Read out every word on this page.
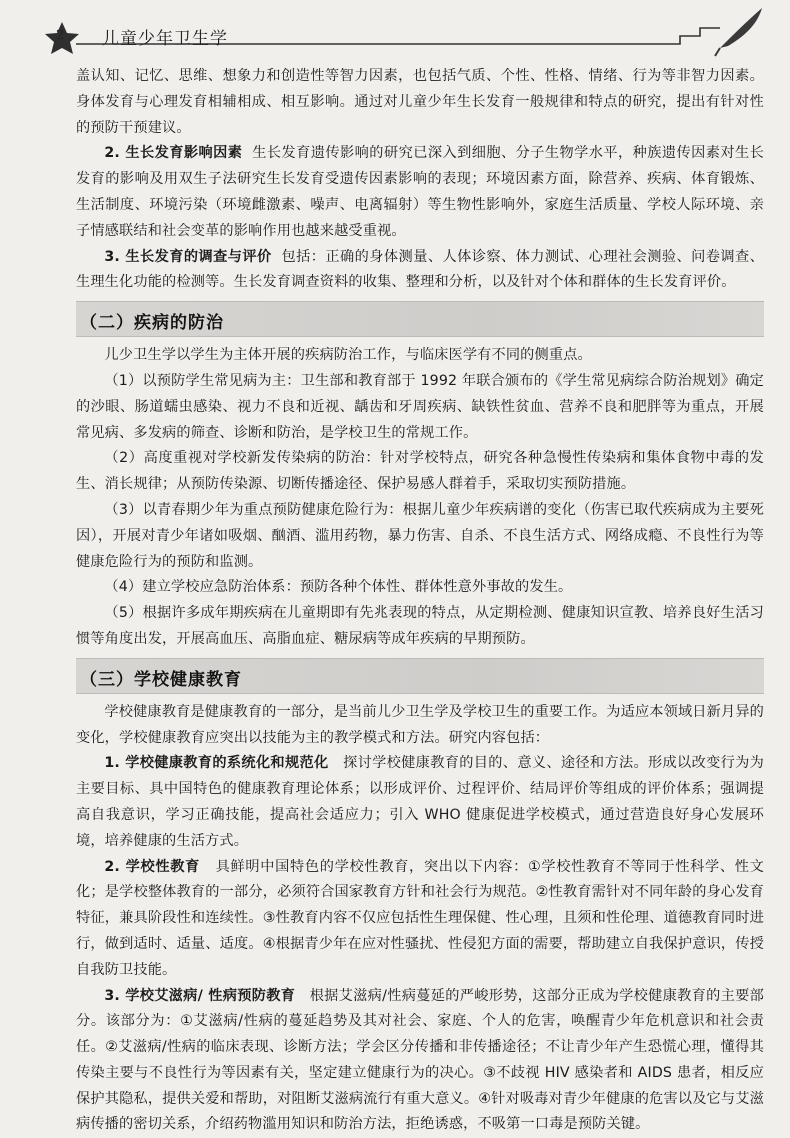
2 儿童少年卫生学

盖认知、记忆、思维、想象力和创造性等智力因素，也包括气质、个性、性格、情绪、行为等非智力因素。身体发育与心理发育相辅相成、相互影响。通过对儿童少年生长发育一般规律和特点的研究，提出有针对性的预防干预建议。

2. 生长发育影响因素 生长发育遗传影响的研究已深入到细胞、分子生物学水平，种族遗传因素对生长发育的影响及用双生子法研究生长发育受遗传因素影响的表现；环境因素方面，除营养、疾病、体育锻炼、生活制度、环境污染（环境雌激素、噪声、电离辐射）等生物性影响外，家庭生活质量、学校人际环境、亲子情感联结和社会变革的影响作用也越来越受重视。

3. 生长发育的调查与评价 包括：正确的身体测量、人体诊察、体力测试、心理社会测验、问卷调查、生理生化功能的检测等。生长发育调查资料的收集、整理和分析，以及针对个体和群体的生长发育评价。

（二）疾病的防治

儿少卫生学以学生为主体开展的疾病防治工作，与临床医学有不同的侧重点。

（1）以预防学生常见病为主：卫生部和教育部于 1992 年联合颁布的《学生常见病综合防治规划》确定的沙眼、肠道蠕虫感染、视力不良和近视、龋齿和牙周疾病、缺铁性贫血、营养不良和肥胖等为重点，开展常见病、多发病的筛查、诊断和防治，是学校卫生的常规工作。

（2）高度重视对学校新发传染病的防治：针对学校特点，研究各种急慢性传染病和集体食物中毒的发生、消长规律；从预防传染源、切断传播途径、保护易感人群着手，采取切实预防措施。

（3）以青春期少年为重点预防健康危险行为：根据儿童少年疾病谱的变化（伤害已取代疾病成为主要死因），开展对青少年诸如吸烟、酗酒、滥用药物，暴力伤害、自杀、不良生活方式、网络成瘾、不良性行为等健康危险行为的预防和监测。

（4）建立学校应急防治体系：预防各种个体性、群体性意外事故的发生。

（5）根据许多成年期疾病在儿童期即有先兆表现的特点，从定期检测、健康知识宣教、培养良好生活习惯等角度出发，开展高血压、高脂血症、糖尿病等成年疾病的早期预防。

（三）学校健康教育

学校健康教育是健康教育的一部分，是当前儿少卫生学及学校卫生的重要工作。为适应本领域日新月异的变化，学校健康教育应突出以技能为主的教学模式和方法。研究内容包括：

1. 学校健康教育的系统化和规范化 探讨学校健康教育的目的、意义、途径和方法。形成以改变行为为主要目标、具中国特色的健康教育理论体系；以形成评价、过程评价、结局评价等组成的评价体系；强调提高自我意识，学习正确技能，提高社会适应力；引入 WHO 健康促进学校模式，通过营造良好身心发展环境，培养健康的生活方式。

2. 学校性教育 具鲜明中国特色的学校性教育，突出以下内容：①学校性教育不等同于性科学、性文化；是学校整体教育的一部分，必须符合国家教育方针和社会行为规范。②性教育需针对不同年龄的身心发育特征，兼具阶段性和连续性。③性教育内容不仅应包括性生理保健、性心理，且须和性伦理、道德教育同时进行，做到适时、适量、适度。④根据青少年在应对性骚扰、性侵犯方面的需要，帮助建立自我保护意识，传授自我防卫技能。

3. 学校艾滋病/ 性病预防教育 根据艾滋病/性病蔓延的严峻形势，这部分正成为学校健康教育的主要部分。该部分为：①艾滋病/性病的蔓延趋势及其对社会、家庭、个人的危害，唤醒青少年危机意识和社会责任。②艾滋病/性病的临床表现、诊断方法；学会区分传播和非传播途径；不让青少年产生恐慌心理，懂得其传染主要与不良性行为等因素有关，坚定建立健康行为的决心。③不歧视 HIV 感染者和 AIDS 患者，相反应保护其隐私，提供关爱和帮助，对阻断艾滋病流行有重大意义。④针对吸毒对青少年健康的危害以及它与艾滋病传播的密切关系，介绍药物滥用知识和防治方法，拒绝诱惑，不吸第一口毒是预防关键。
